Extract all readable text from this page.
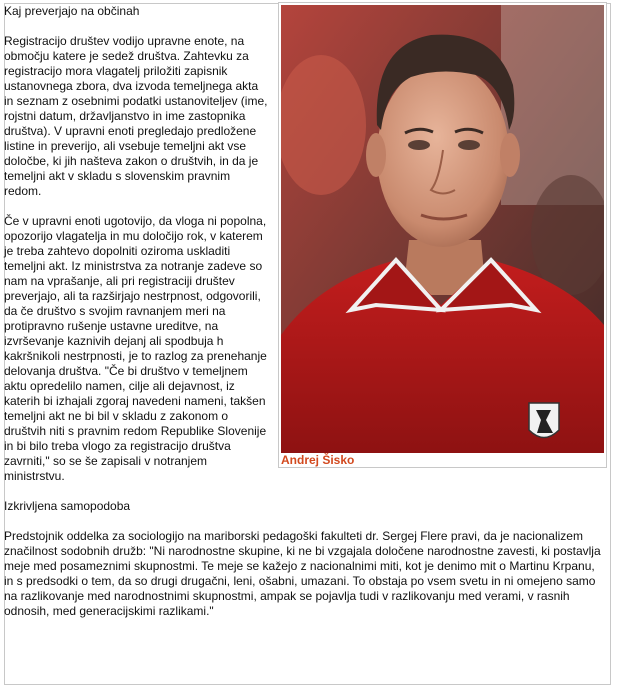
Andrej Šisko

Kaj preverjajo na občinah

Registracijo društev vodijo upravne enote, na območju katere je sedež društva. Zahtevku za registracijo mora vlagatelj priložiti zapisnik ustanovnega zbora, dva izvoda temeljnega akta in seznam z osebnimi podatki ustanoviteljev (ime, rojstni datum, državljanstvo in ime zastopnika društva). V upravni enoti pregledajo predložene listine in preverijo, ali vsebuje temeljni akt vse določbe, ki jih našteva zakon o društvih, in da je temeljni akt v skladu s slovenskim pravnim redom.

Če v upravni enoti ugotovijo, da vloga ni popolna, opozorijo vlagatelja in mu določijo rok, v katerem je treba zahtevo dopolniti oziroma uskladiti temeljni akt. Iz ministrstva za notranje zadeve so nam na vprašanje, ali pri registraciji društev preverjajo, ali ta razširjajo nestrpnost, odgovorili, da če društvo s svojim ravnanjem meri na protipravno rušenje ustavne ureditve, na izvrševanje kaznivih dejanj ali spodbuja h kakršnikoli nestrpnosti, je to razlog za prenehanje delovanja društva. "Če bi društvo v temeljnem aktu opredelilo namen, cilje ali dejavnost, iz katerih bi izhajali zgoraj navedeni nameni, takšen temeljni akt ne bi bil v skladu z zakonom o društvih niti s pravnim redom Republike Slovenije in bi bilo treba vlogo za registracijo društva zavrniti," so se še zapisali v notranjem ministrstvu.

Izkrivljena samopodoba

Predstojnik oddelka za sociologijo na mariborski pedagoški fakulteti dr. Sergej Flere pravi, da je nacionalizem značilnost sodobnih družb: "Ni narodnostne skupine, ki ne bi vzgajala določene narodnostne zavesti, ki postavlja meje med posameznimi skupnostmi. Te meje se kažejo z nacionalnimi miti, kot je denimo mit o Martinu Krpanu, in s predsodki o tem, da so drugi drugačni, leni, ošabni, umazani. To obstaja po vsem svetu in ni omejeno samo na razlikovanje med narodnostnimi skupnostmi, ampak se pojavlja tudi v razlikovanju med verami, v rasnih odnosih, med generacijskimi razlikami."
